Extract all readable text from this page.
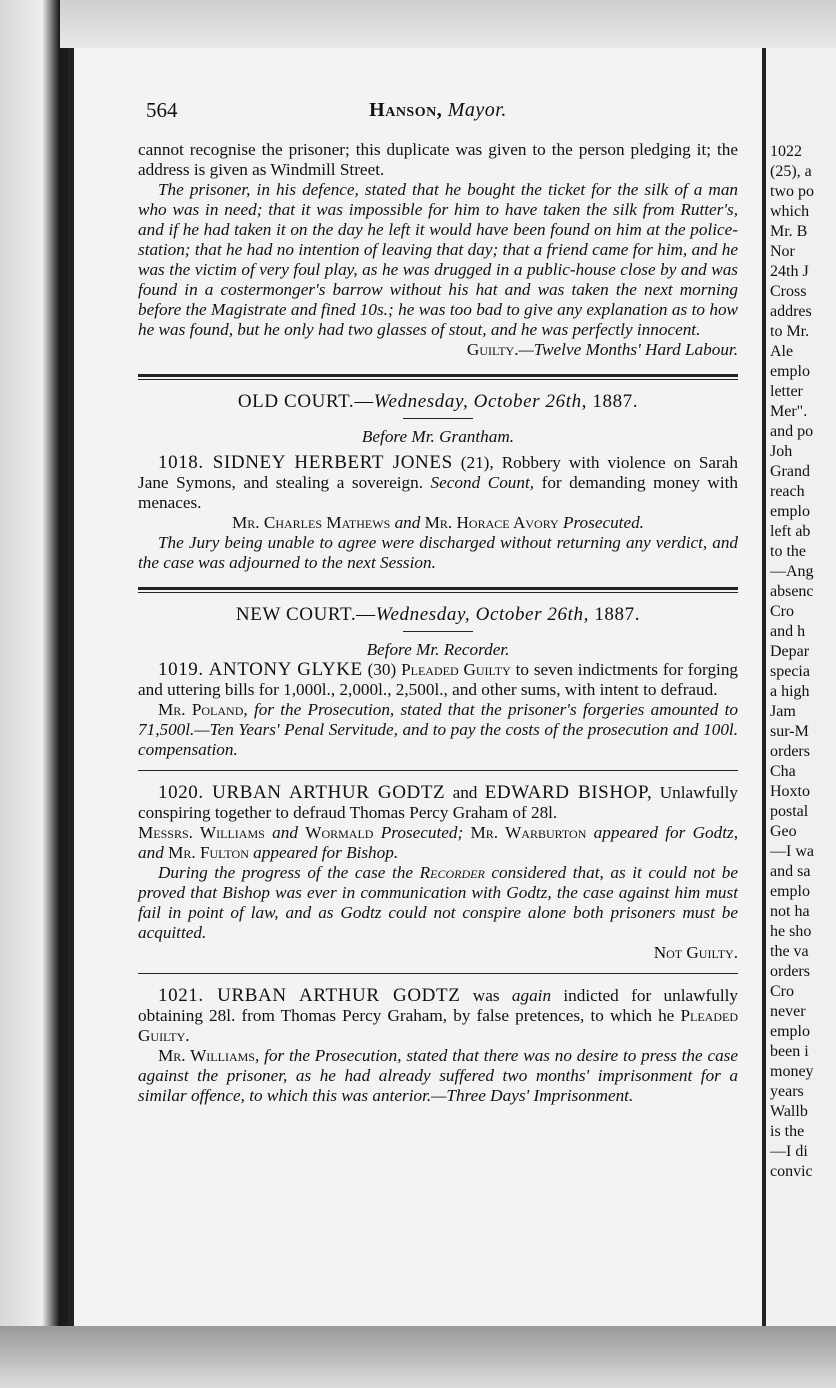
564	Hanson, Mayor.

cannot recognise the prisoner; this duplicate was given to the person pledging it; the address is given as Windmill Street.

The prisoner, in his defence, stated that he bought the ticket for the silk of a man who was in need; that it was impossible for him to have taken the silk from Rutter's, and if he had taken it on the day he left it would have been found on him at the police-station; that he had no intention of leaving that day; that a friend came for him, and he was the victim of very foul play, as he was drugged in a public-house close by and was found in a costermonger's barrow without his hat and was taken the next morning before the Magistrate and fined 10s.; he was too bad to give any explanation as to how he was found, but he only had two glasses of stout, and he was perfectly innocent.

Guilty.—Twelve Months' Hard Labour.

OLD COURT.—Wednesday, October 26th, 1887.

Before Mr. Grantham.

1018. SIDNEY HERBERT JONES (21), Robbery with violence on Sarah Jane Symons, and stealing a sovereign. Second Count, for demanding money with menaces.

Mr. Charles Mathews and Mr. Horace Avory Prosecuted.

The Jury being unable to agree were discharged without returning any verdict, and the case was adjourned to the next Session.

NEW COURT.—Wednesday, October 26th, 1887.

Before Mr. Recorder.

1019. ANTONY GLYKE (30) Pleaded Guilty to seven indictments for forging and uttering bills for 1,000l., 2,000l., 2,500l., and other sums, with intent to defraud.

Mr. Poland, for the Prosecution, stated that the prisoner's forgeries amounted to 71,500l.—Ten Years' Penal Servitude, and to pay the costs of the prosecution and 100l. compensation.

1020. URBAN ARTHUR GODTZ and EDWARD BISHOP, Unlawfully conspiring together to defraud Thomas Percy Graham of 28l.

Messrs. Williams and Wormald Prosecuted; Mr. Warburton appeared for Godtz, and Mr. Fulton appeared for Bishop.

During the progress of the case the Recorder considered that, as it could not be proved that Bishop was ever in communication with Godtz, the case against him must fail in point of law, and as Godtz could not conspire alone both prisoners must be acquitted.

Not Guilty.

1021. URBAN ARTHUR GODTZ was again indicted for unlawfully obtaining 28l. from Thomas Percy Graham, by false pretences, to which he Pleaded Guilty.

Mr. Williams, for the Prosecution, stated that there was no desire to press the case against the prisoner, as he had already suffered two months' imprisonment for a similar offence, to which this was anterior.—Three Days' Imprisonment.

1022
(25), a
two po
which
Mr. B
Nor
24th J
Cross
addres
to Mr.
Ale
emplo
letter
Mer".
and po
Joh
Grand
reach
emplo
left ab
to the
—Ang
absenc
Cro
and h
Depar
specia
a high
Jam
sur-M
orders
Cha
Hoxto
postal
Geo
—I wa
and sa
emplo
not ha
he sho
the va
orders
Cro
never
emplo
been i
money
years
Wallb
is the
—I di
convic
